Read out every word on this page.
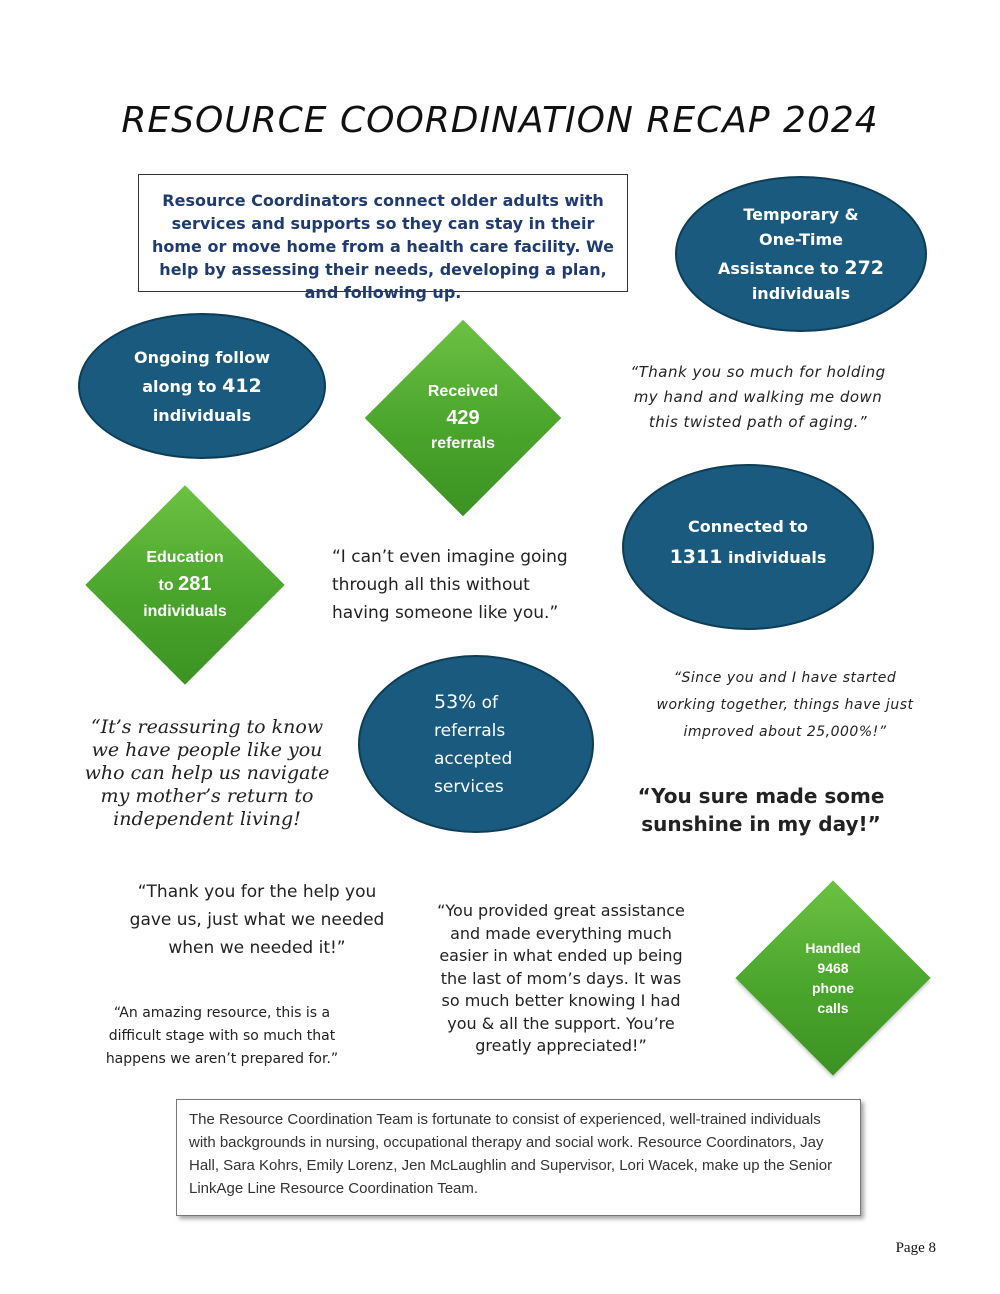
RESOURCE COORDINATION RECAP 2024
Resource Coordinators connect older adults with services and supports so they can stay in their home or move home from a health care facility. We help by assessing their needs, developing a plan, and following up.
Temporary &
One-Time
Assistance to 272
individuals
Ongoing follow
along to 412
individuals
Received
429
referrals
“Thank you so much for holding my hand and walking me down this twisted path of aging.”
Education
to 281
individuals
“I can’t even imagine going through all this without having someone like you.”
Connected to
1311 individuals
“Since you and I have started working together, things have just improved about 25,000%!”
“It’s reassuring to know we have people like you who can help us navigate my mother’s return to independent living!
53% of
referrals
accepted
services	“You sure made some sunshine in my day!”
“Thank you for the help you gave us, just what we needed when we needed it!”
“You provided great assistance and made everything much easier in what ended up being the last of mom’s days. It was so much better knowing I had you & all the support. You’re greatly appreciated!”
Handled
9468
phone
calls
“An amazing resource, this is a difficult stage with so much that happens we aren’t prepared for.”
The Resource Coordination Team is fortunate to consist of experienced, well-trained individuals with backgrounds in nursing, occupational therapy and social work. Resource Coordinators, Jay Hall, Sara Kohrs, Emily Lorenz, Jen McLaughlin and Supervisor, Lori Wacek, make up the Senior LinkAge Line Resource Coordination Team.
Page 8
